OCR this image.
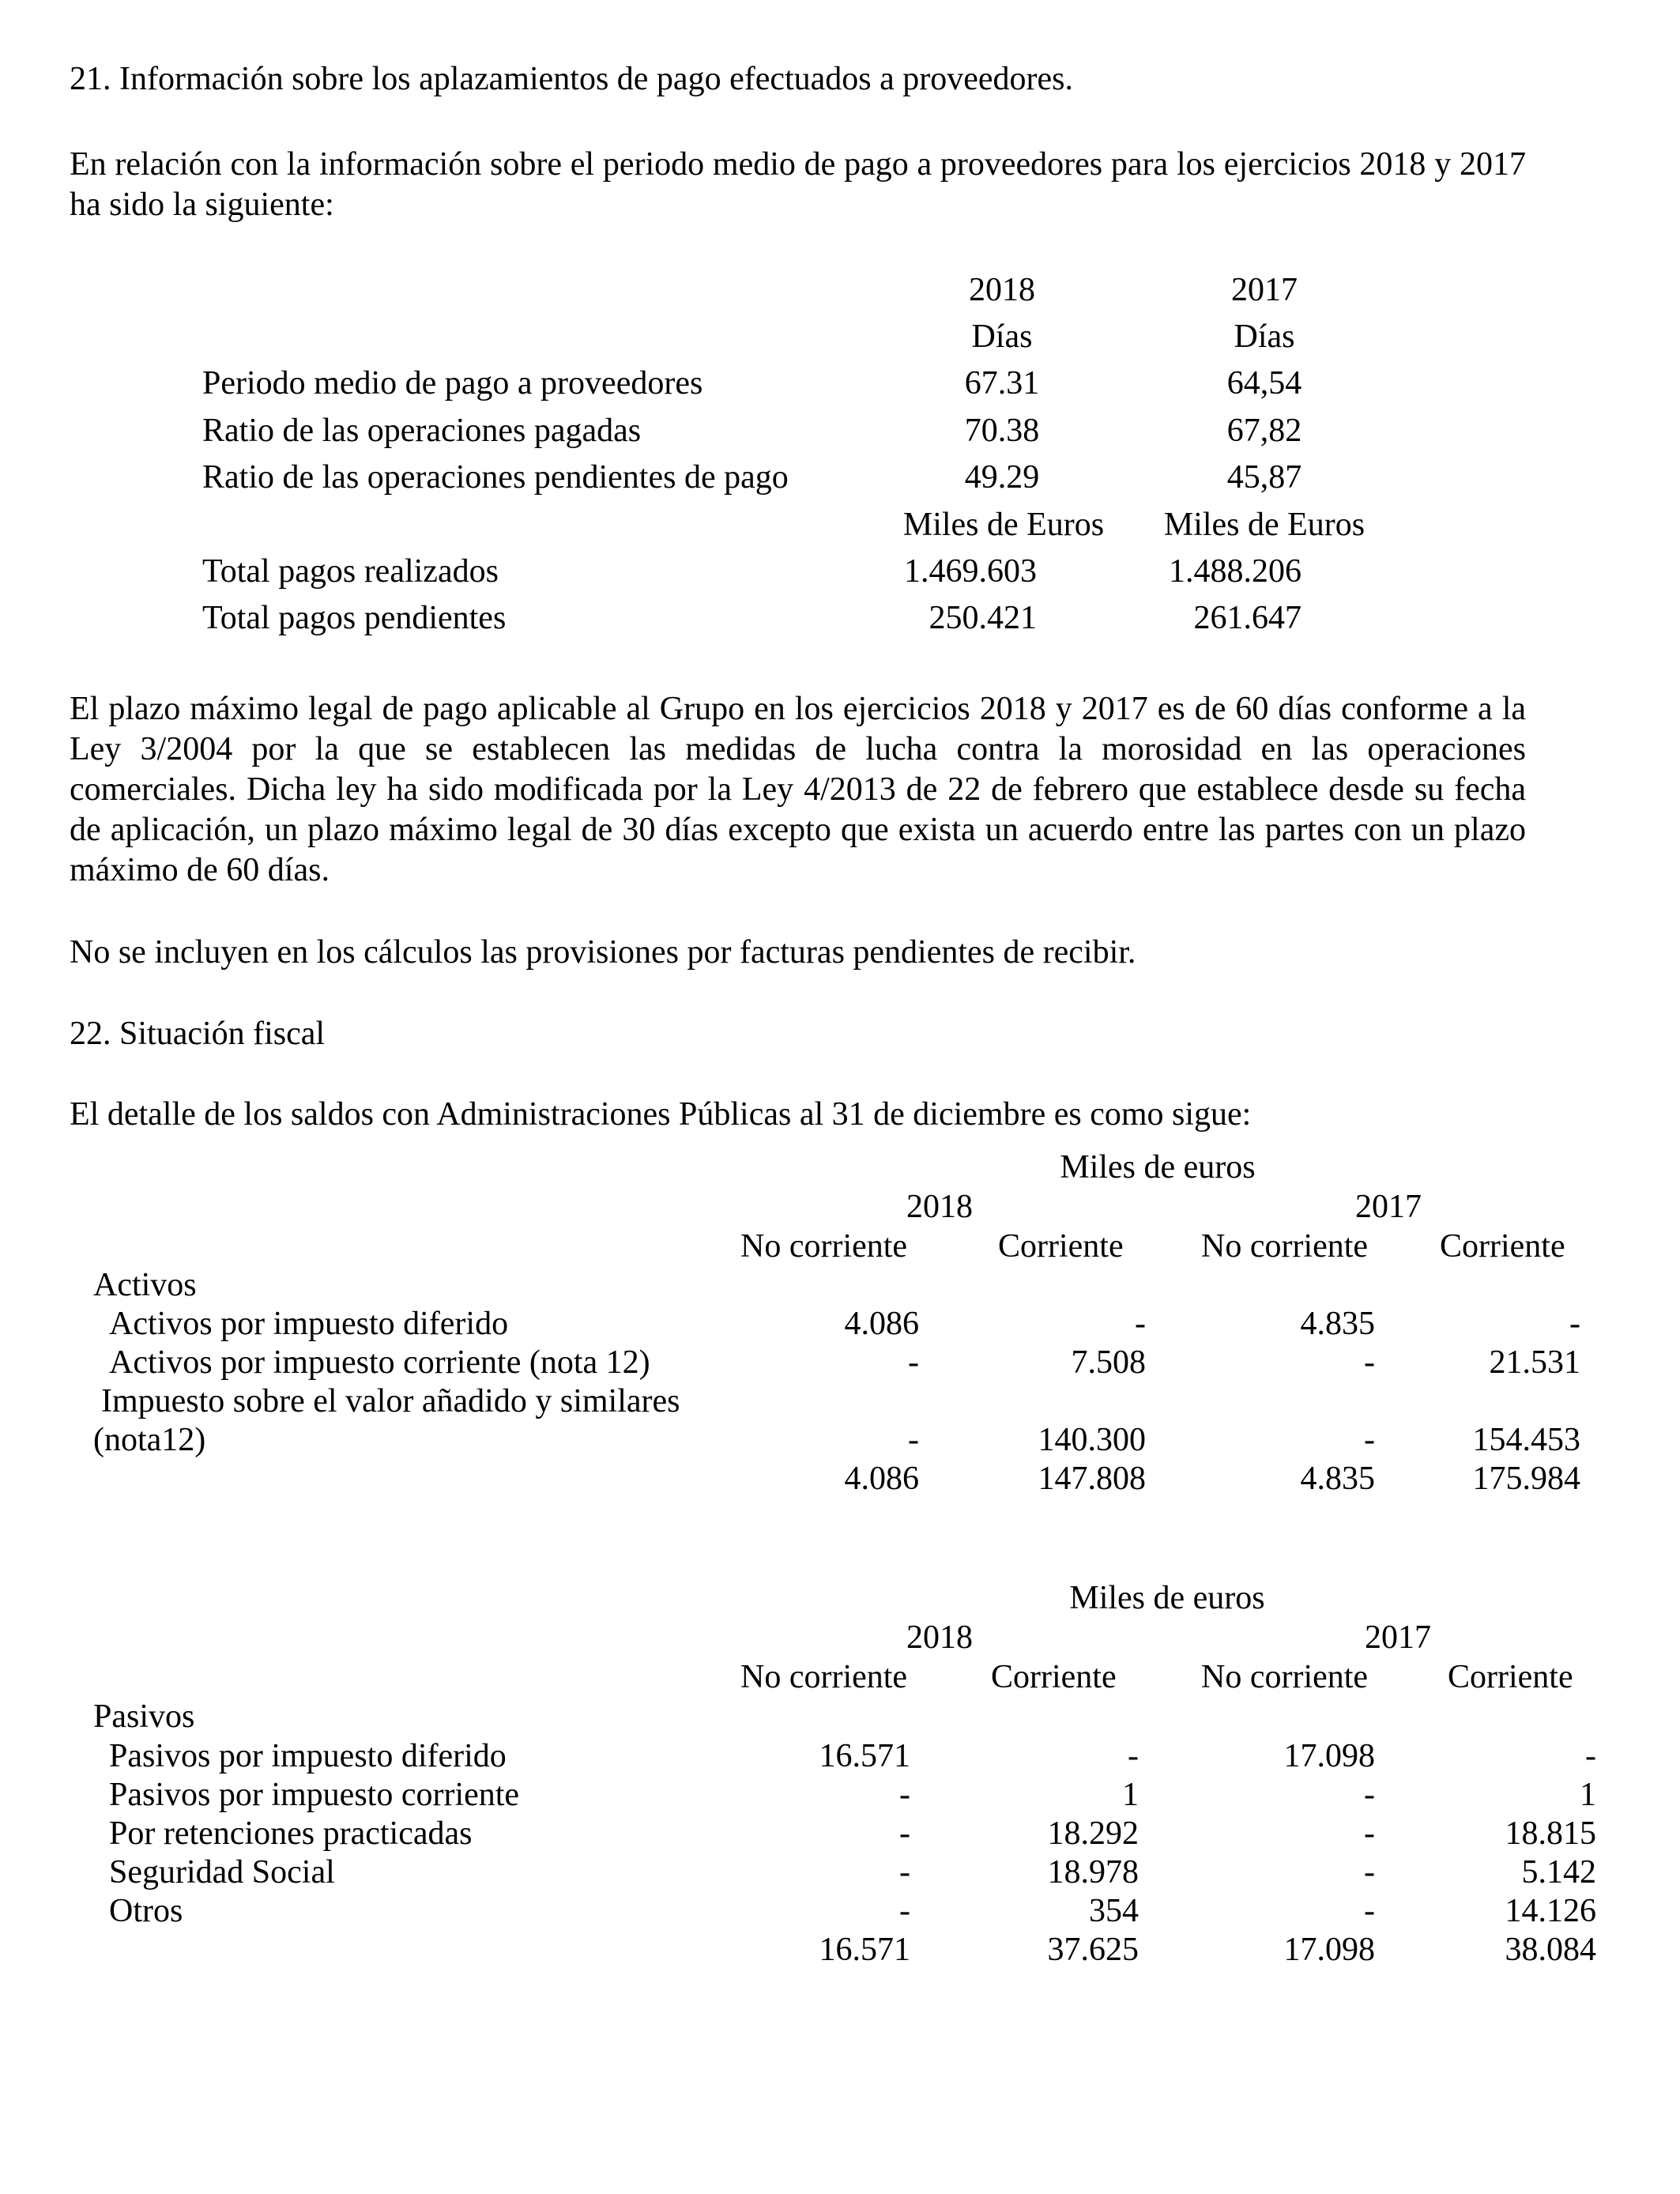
21. Información sobre los aplazamientos de pago efectuados a proveedores.
En relación con la información sobre el periodo medio de pago a proveedores para los ejercicios 2018 y 2017 ha sido la siguiente:
2018	2017
Días	Días
Periodo medio de pago a proveedores	67.31	64,54
Ratio de las operaciones pagadas	70.38	67,82
Ratio de las operaciones pendientes de pago	49.29	45,87
Miles de Euros	Miles de Euros
Total pagos realizados	1.469.603	1.488.206
Total pagos pendientes	250.421	261.647
El plazo máximo legal de pago aplicable al Grupo en los ejercicios 2018 y 2017 es de 60 días conforme a la Ley 3/2004 por la que se establecen las medidas de lucha contra la morosidad en las operaciones comerciales. Dicha ley ha sido modificada por la Ley 4/2013 de 22 de febrero que establece desde su fecha de aplicación, un plazo máximo legal de 30 días excepto que exista un acuerdo entre las partes con un plazo máximo de 60 días.
No se incluyen en los cálculos las provisiones por facturas pendientes de recibir.
22. Situación fiscal
El detalle de los saldos con Administraciones Públicas al 31 de diciembre es como sigue:
Miles de euros
2018	2017
No corriente	Corriente No corriente Corriente
Activos
Activos por impuesto diferido	4.086	-	4.835	-
Activos por impuesto corriente (nota 12)	-	7.508	-	21.531
Impuesto sobre el valor añadido y similares
(nota12)	-	140.300	-	154.453
4.086	147.808	4.835	175.984
Miles de euros
2018	2017
No corriente	Corriente	No corriente Corriente
Pasivos
Pasivos por impuesto diferido	16.571	-	17.098	-
Pasivos por impuesto corriente	-	1	-	1
Por retenciones practicadas	-	18.292	-	18.815
Seguridad Social	-	18.978	-	5.142
Otros	-	354	-	14.126
16.571	37.625	17.098	38.084
